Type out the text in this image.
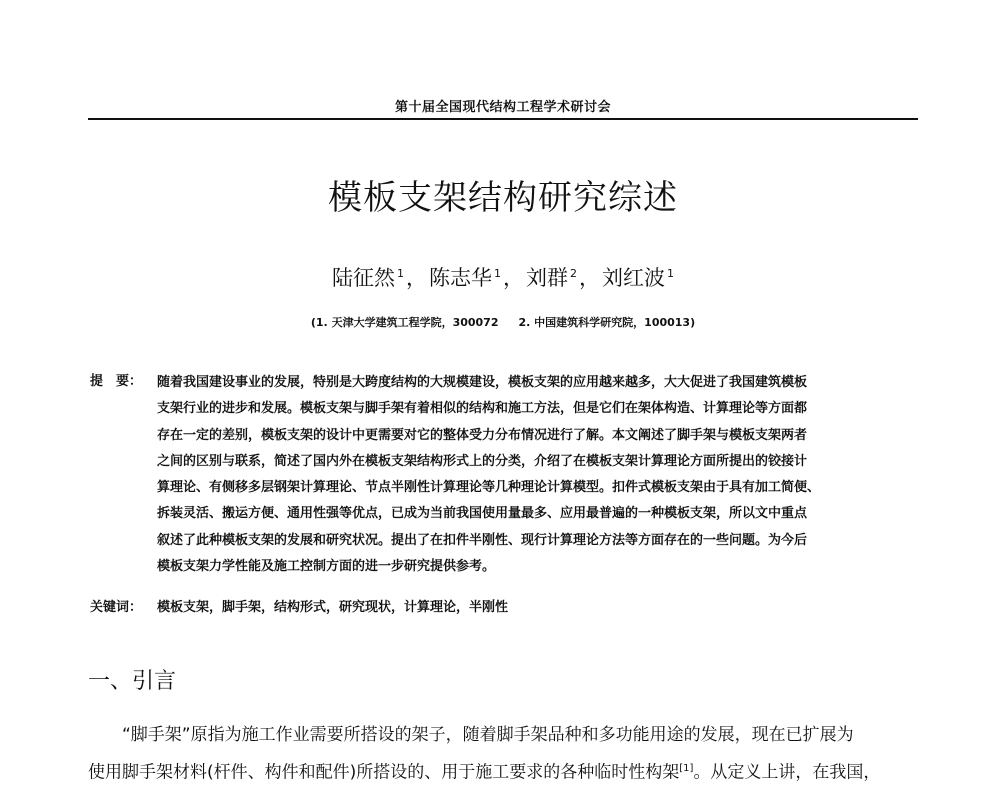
第十届全国现代结构工程学术研讨会
模板支架结构研究综述
陆征然 $^1$，陈志华 $^1$，刘群 $^2$，刘红波 $^1$
(1. 天津大学建筑工程学院，300072 2. 中国建筑科学研究院，100013)
提　要： 随着我国建设事业的发展，特别是大跨度结构的大规模建设，模板支架的应用越来越多，大大促进了我国建筑模板
支架行业的进步和发展。模板支架与脚手架有着相似的结构和施工方法，但是它们在架体构造、计算理论等方面都
存在一定的差别，模板支架的设计中更需要对它的整体受力分布情况进行了解。本文阐述了脚手架与模板支架两者
之间的区别与联系，简述了国内外在模板支架结构形式上的分类，介绍了在模板支架计算理论方面所提出的铰接计
算理论、有侧移多层钢架计算理论、节点半刚性计算理论等几种理论计算模型。扣件式模板支架由于具有加工简便、
拆装灵活、搬运方便、通用性强等优点，已成为当前我国使用量最多、应用最普遍的一种模板支架，所以文中重点
叙述了此种模板支架的发展和研究状况。提出了在扣件半刚性、现行计算理论方法等方面存在的一些问题。为今后
模板支架力学性能及施工控制方面的进一步研究提供参考。
关键词： 模板支架，脚手架，结构形式，研究现状，计算理论，半刚性
一、引言
“脚手架”原指为施工作业需要所搭设的架子，随着脚手架品种和多功能用途的发展，现在已扩展为
使用脚手架材料(杆件、构件和配件)所搭设的、用于施工要求的各种临时性构架[1]。从定义上讲，在我国，
